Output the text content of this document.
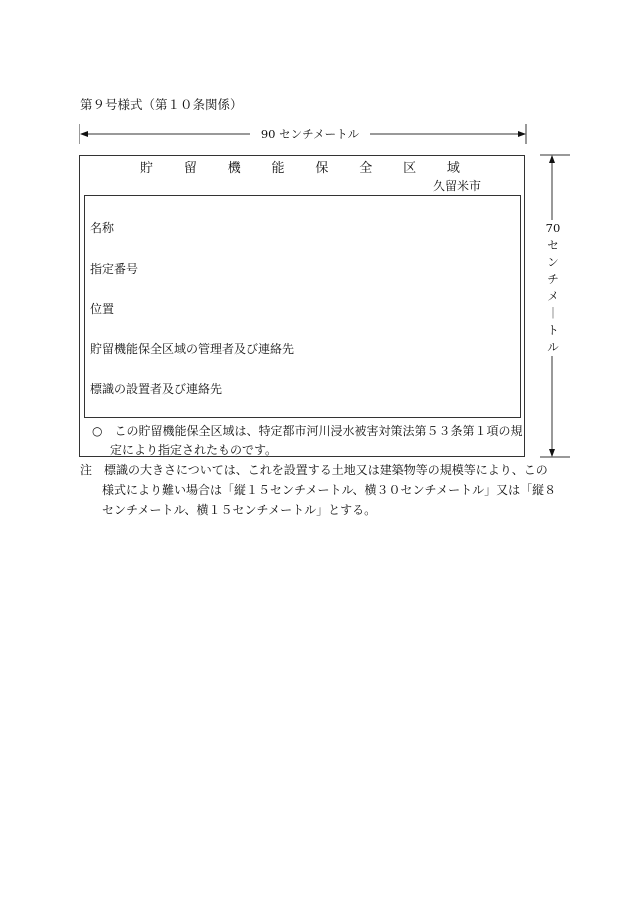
第９号様式（第１０条関係）
90 センチメートル
貯 留 機 能 保 全 区 域
久留米市
名称
指定番号
位置
貯留機能保全区域の管理者及び連絡先
標識の設置者及び連絡先
○　この貯留機能保全区域は、特定都市河川浸水被害対策法第５３条第１項の規
定により指定されたものです。
70
セ
ン
チ
メ
｜
ト
ル
注　標識の大きさについては、これを設置する土地又は建築物等の規模等により、この
様式により難い場合は「縦１５センチメートル、横３０センチメートル」又は「縦８
センチメートル、横１５センチメートル」とする。
